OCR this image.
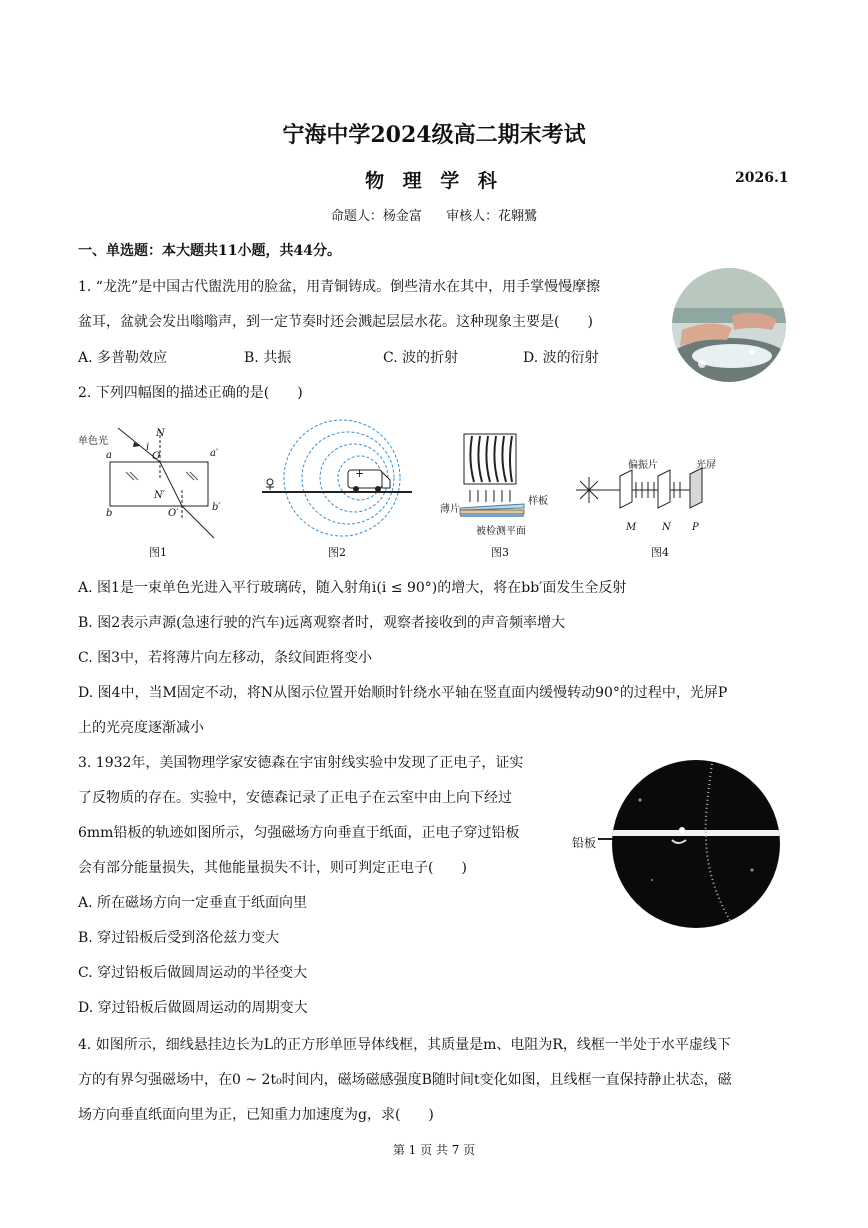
宁海中学2024级高二期末考试
物 理 学 科	2026.1
命题人：杨金富 审核人：花翺鷺
一、单选题：本大题共11小题，共44分。
1. “龙洗”是中国古代盥洗用的脸盆，用青铜铸成。倒些清水在其中，用手掌慢慢摩擦
盆耳，盆就会发出嗡嗡声，到一定节奏时还会溅起层层水花。这种现象主要是(　　)
A. 多普勒效应	B. 共振	C. 波的折射	D. 波的衍射
2. 下列四幅图的描述正确的是(　　)
单色光
N
i
a	a′
O
N′
b	O′
b′
图1
+
图2
薄片
样板
被检测平面
图3
偏振片	光屏
M	N P
图4
A. 图1是一束单色光进入平行玻璃砖，随入射角i(i ≤ 90°)的增大，将在bb′面发生全反射
B. 图2表示声源(急速行驶的汽车)远离观察者时，观察者接收到的声音频率增大
C. 图3中，若将薄片向左移动，条纹间距将变小
D. 图4中，当M固定不动，将N从图示位置开始顺时针绕水平轴在竖直面内缓慢转动90°的过程中，光屏P
上的光亮度逐渐减小
3. 1932年，美国物理学家安德森在宇宙射线实验中发现了正电子，证实
了反物质的存在。实验中，安德森记录了正电子在云室中由上向下经过
6mm铅板的轨迹如图所示，匀强磁场方向垂直于纸面，正电子穿过铅板
会有部分能量损失，其他能量损失不计，则可判定正电子(　　)
A. 所在磁场方向一定垂直于纸面向里
B. 穿过铅板后受到洛伦兹力变大
C. 穿过铅板后做圆周运动的半径变大
D. 穿过铅板后做圆周运动的周期变大
铅板
4. 如图所示，细线悬挂边长为L的正方形单匝导体线框，其质量是m、电阻为R，线框一半处于水平虚线下
方的有界匀强磁场中，在0 ~ 2t₀时间内，磁场磁感强度B随时间t变化如图，且线框一直保持静止状态，磁
场方向垂直纸面向里为正，已知重力加速度为g，求(　　)
第 1 页 共 7 页
